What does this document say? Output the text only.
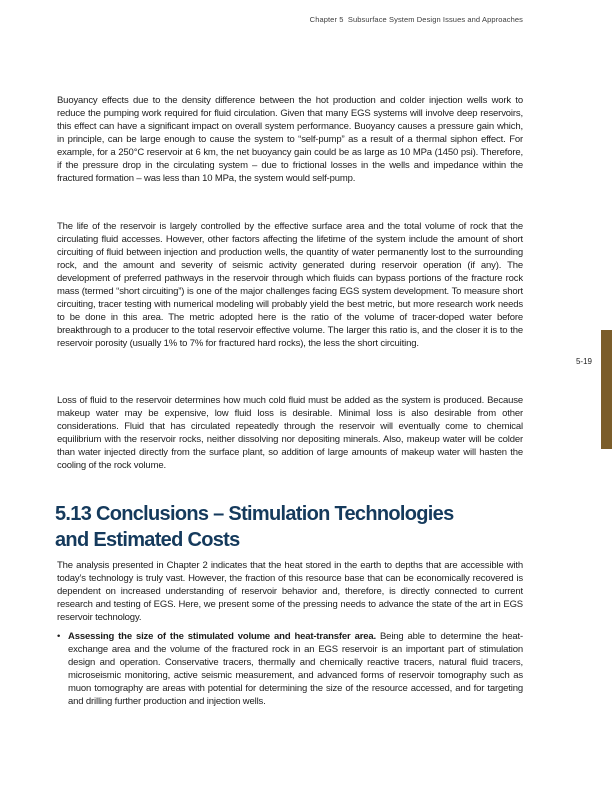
Chapter 5  Subsurface System Design Issues and Approaches

Buoyancy effects due to the density difference between the hot production and colder injection wells work to reduce the pumping work required for fluid circulation. Given that many EGS systems will involve deep reservoirs, this effect can have a significant impact on overall system performance. Buoyancy causes a pressure gain which, in principle, can be large enough to cause the system to “self-pump” as a result of a thermal siphon effect. For example, for a 250°C reservoir at 6 km, the net buoyancy gain could be as large as 10 MPa (1450 psi). Therefore, if the pressure drop in the circulating system – due to frictional losses in the wells and impedance within the fractured formation – was less than 10 MPa, the system would self-pump.

The life of the reservoir is largely controlled by the effective surface area and the total volume of rock that the circulating fluid accesses. However, other factors affecting the lifetime of the system include the amount of short circuiting of fluid between injection and production wells, the quantity of water permanently lost to the surrounding rock, and the amount and severity of seismic activity generated during reservoir operation (if any). The development of preferred pathways in the reservoir through which fluids can bypass portions of the fracture rock mass (termed “short circuiting”) is one of the major challenges facing EGS system development. To measure short circuiting, tracer testing with numerical modeling will probably yield the best metric, but more research work needs to be done in this area. The metric adopted here is the ratio of the volume of tracer-doped water before breakthrough to a producer to the total reservoir effective volume. The larger this ratio is, and the closer it is to the reservoir porosity (usually 1% to 7% for fractured hard rocks), the less the short circuiting.

5-19

Loss of fluid to the reservoir determines how much cold fluid must be added as the system is produced. Because makeup water may be expensive, low fluid loss is desirable. Minimal loss is also desirable from other considerations. Fluid that has circulated repeatedly through the reservoir will eventually come to chemical equilibrium with the reservoir rocks, neither dissolving nor depositing minerals. Also, makeup water will be colder than water injected directly from the surface plant, so addition of large amounts of makeup water will hasten the cooling of the rock volume.

5.13 Conclusions – Stimulation Technologies
and Estimated Costs

The analysis presented in Chapter 2 indicates that the heat stored in the earth to depths that are accessible with today’s technology is truly vast. However, the fraction of this resource base that can be economically recovered is dependent on increased understanding of reservoir behavior and, therefore, is directly connected to current research and testing of EGS. Here, we present some of the pressing needs to advance the state of the art in EGS reservoir technology.

• Assessing the size of the stimulated volume and heat-transfer area. Being able to determine the heat-exchange area and the volume of the fractured rock in an EGS reservoir is an important part of stimulation design and operation. Conservative tracers, thermally and chemically reactive tracers, natural fluid tracers, microseismic monitoring, active seismic measurement, and advanced forms of reservoir tomography such as muon tomography are areas with potential for determining the size of the resource accessed, and for targeting and drilling further production and injection wells.
